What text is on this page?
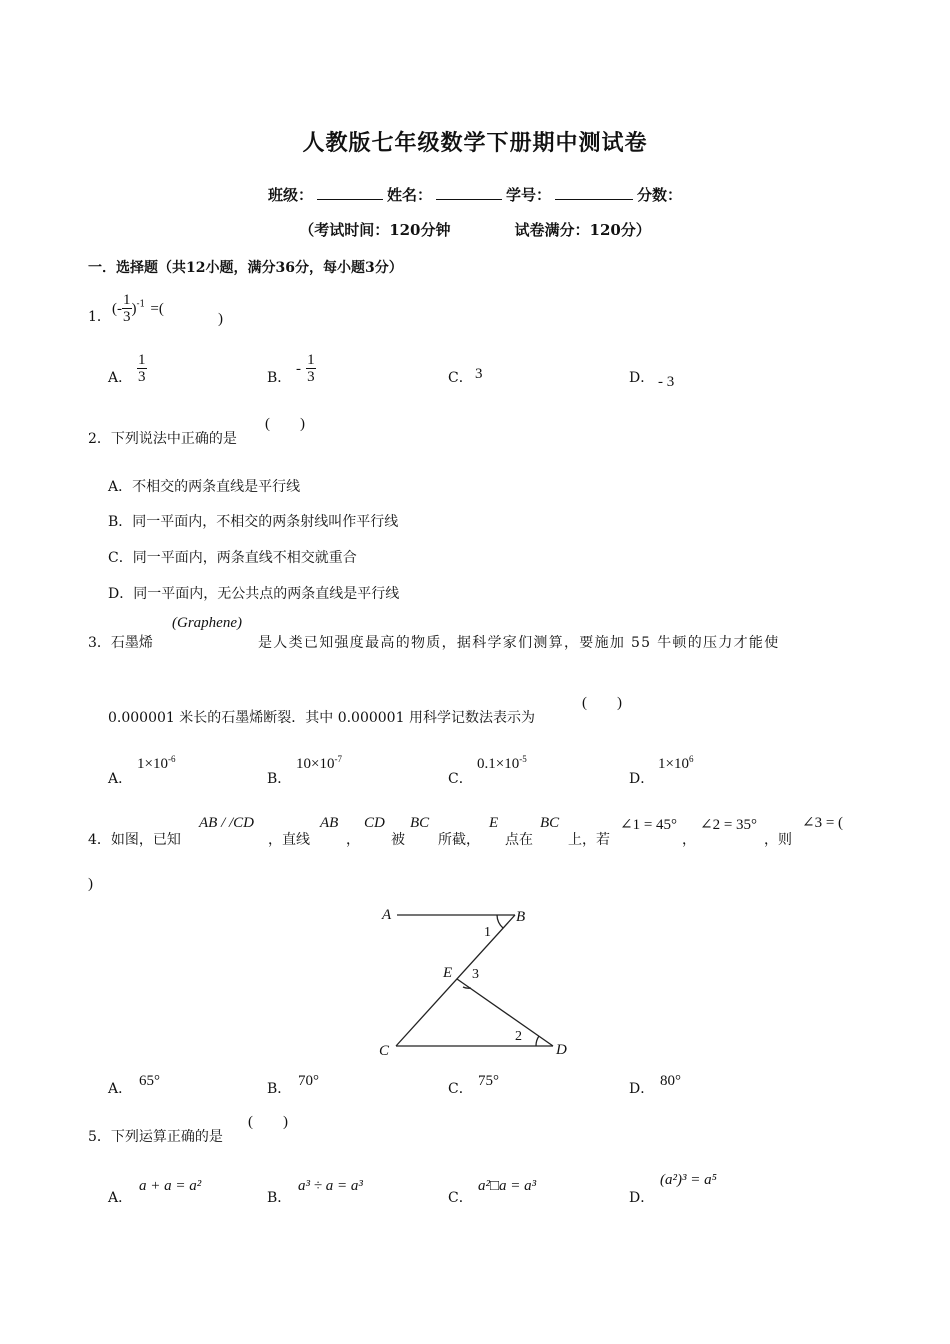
人教版七年级数学下册期中测试卷
班级：	姓名：	学号：	分数：
（考试时间：120分钟	试卷满分：120分）
一．选择题（共12小题，满分36分，每小题3分）
1． (- $\frac{1}{3} )^{-1}$ =(
)
A． $\frac{1}{3}$	B．
- $\frac{1}{3}$	C． 3	D． - 3
2．下列说法中正确的是
(　　)
A．不相交的两条直线是平行线
B．同一平面内，不相交的两条射线叫作平行线
C．同一平面内，两条直线不相交就重合
D．同一平面内，无公共点的两条直线是平行线
3．石墨烯
(Graphene)
是人类已知强度最高的物质，据科学家们测算，要施加 55 牛顿的压力才能使
0.000001 米长的石墨烯断裂．其中 0.000001 用科学记数法表示为
(　　)
A．
$1\times 10^{-6}$
B．
$10\times 10^{-7}$
C．
$0.1\times 10^{-5}$
D．
$1\times 10^6$
4．如图，已知
AB / /CD
，直线
AB
，
CD
被
BC
所截，
E
点在
BC
上，若
∠1 = 45°
，
∠2 = 35°
，则
∠3 = (
)
A	B
C	D
E
1
3
2
A． 65°	B． 70°	C． 75°	D． 80°
5．下列运算正确的是
(　　)
A．
a + a = a²
B．
a³ ÷ a = a³
C．
a²□a = a³
D．
(a²)³ = a⁵
